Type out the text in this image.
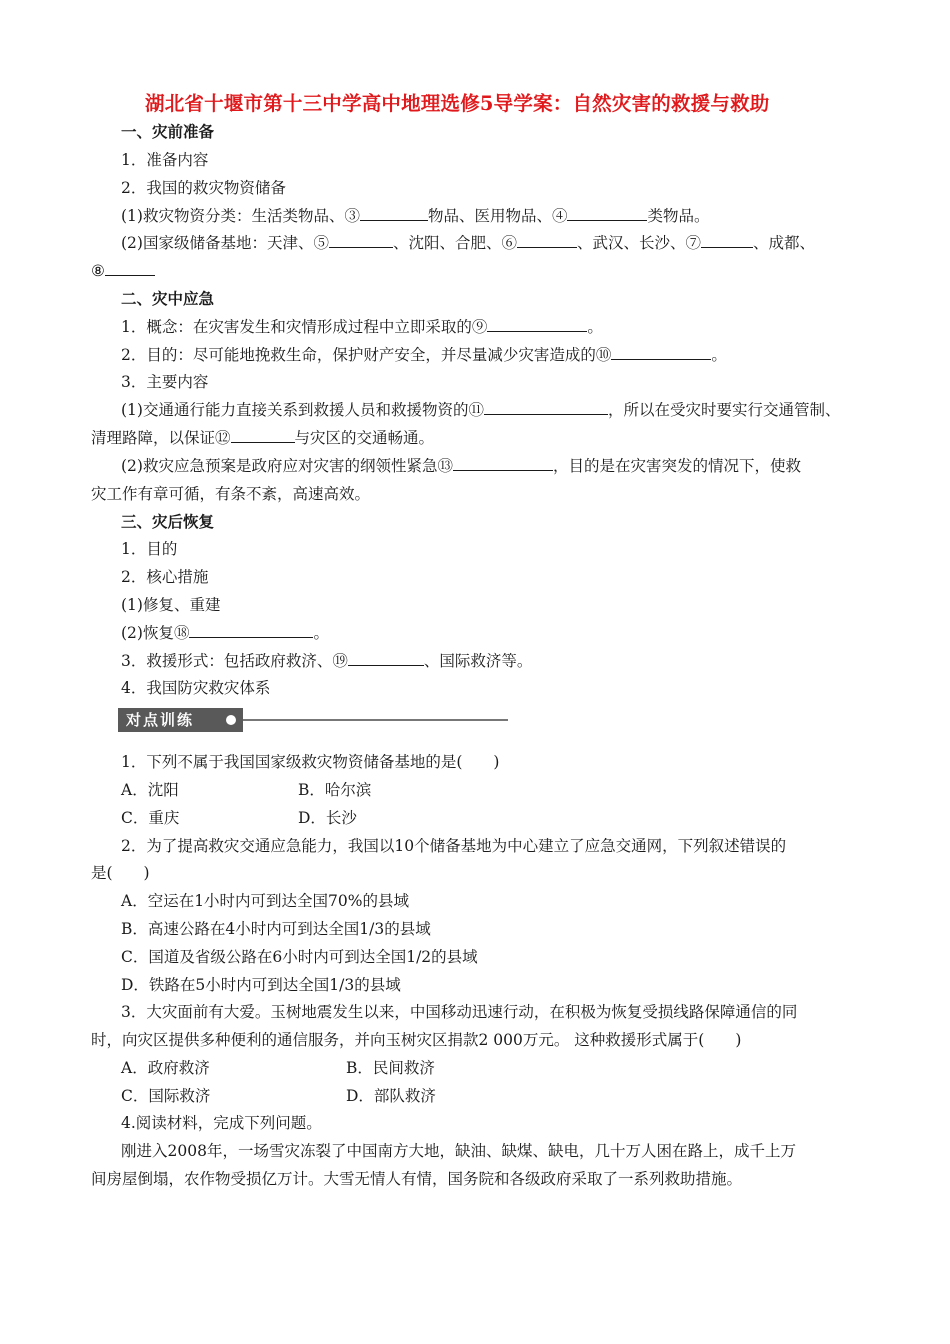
湖北省十堰市第十三中学高中地理选修5导学案：自然灾害的救援与救助
一、灾前准备
1．准备内容
2．我国的救灾物资储备
(1)救灾物资分类：生活类物品、③	物品、医用物品、④	类物品。
(2)国家级储备基地：天津、⑤	、沈阳、合肥、⑥	、武汉、长沙、⑦	、成都、
⑧
二、灾中应急
1．概念：在灾害发生和灾情形成过程中立即采取的⑨	。
2．目的：尽可能地挽救生命，保护财产安全，并尽量减少灾害造成的⑩	。
3．主要内容
(1)交通通行能力直接关系到救援人员和救援物资的⑪	，所以在受灾时要实行交通管制、
清理路障，以保证⑫	与灾区的交通畅通。
(2)救灾应急预案是政府应对灾害的纲领性紧急⑬	，目的是在灾害突发的情况下，使救
灾工作有章可循，有条不紊，高速高效。
三、灾后恢复
1．目的
2．核心措施
(1)修复、重建
(2)恢复⑱	。
3．救援形式：包括政府救济、⑲	、国际救济等。
4．我国防灾救灾体系
对点训练
1．下列不属于我国国家级救灾物资储备基地的是(　　)
A．沈阳	B．哈尔滨
C．重庆	D．长沙
2．为了提高救灾交通应急能力，我国以10个储备基地为中心建立了应急交通网，下列叙述错误的
是(　　)
A．空运在1小时内可到达全国70%的县域
B．高速公路在4小时内可到达全国1/3的县域
C．国道及省级公路在6小时内可到达全国1/2的县域
D．铁路在5小时内可到达全国1/3的县域
3．大灾面前有大爱。玉树地震发生以来，中国移动迅速行动，在积极为恢复受损线路保障通信的同
时，向灾区提供多种便利的通信服务，并向玉树灾区捐款2 000万元。 这种救援形式属于(　　)
A．政府救济	B．民间救济
C．国际救济	D．部队救济
4.阅读材料，完成下列问题。
刚进入2008年，一场雪灾冻裂了中国南方大地，缺油、缺煤、缺电，几十万人困在路上，成千上万
间房屋倒塌，农作物受损亿万计。大雪无情人有情，国务院和各级政府采取了一系列救助措施。
